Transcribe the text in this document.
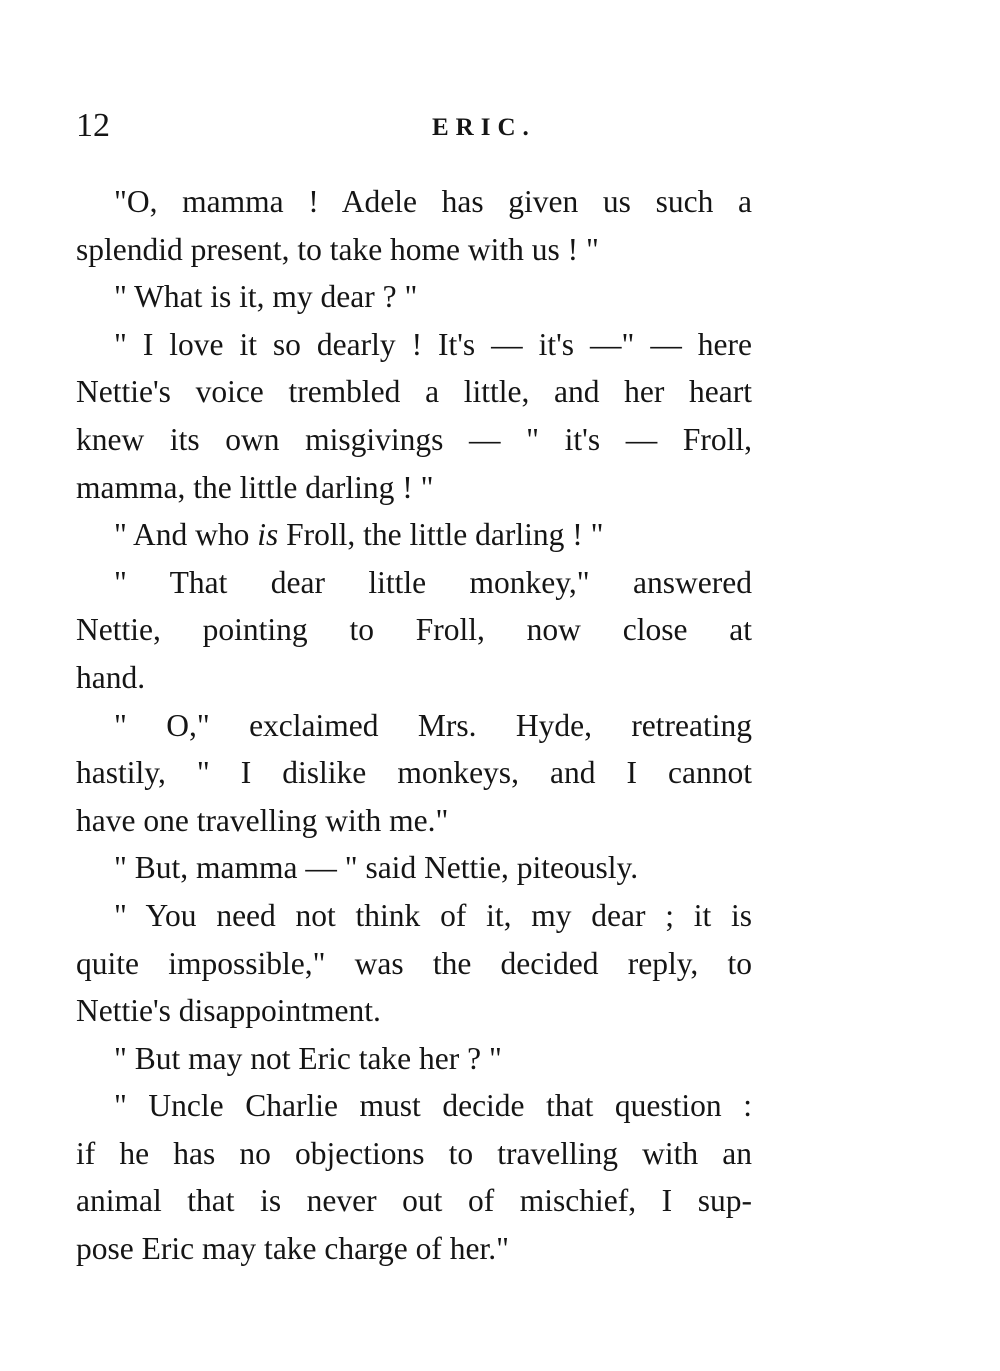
12	ERIC.
"O, mamma ! Adele has given us such a
splendid present, to take home with us ! "
" What is it, my dear ? "
" I love it so dearly ! It's — it's —" — here
Nettie's voice trembled a little, and her heart
knew its own misgivings — " it's — Froll,
mamma, the little darling ! "
" And who is Froll, the little darling ! "
" That dear little monkey," answered
Nettie, pointing to Froll, now close at
hand.
" O," exclaimed Mrs. Hyde, retreating
hastily, " I dislike monkeys, and I cannot
have one travelling with me."
" But, mamma — " said Nettie, piteously.
" You need not think of it, my dear ; it is
quite impossible," was the decided reply, to
Nettie's disappointment.
" But may not Eric take her ? "
" Uncle Charlie must decide that question :
if he has no objections to travelling with an
animal that is never out of mischief, I sup-
pose Eric may take charge of her."
